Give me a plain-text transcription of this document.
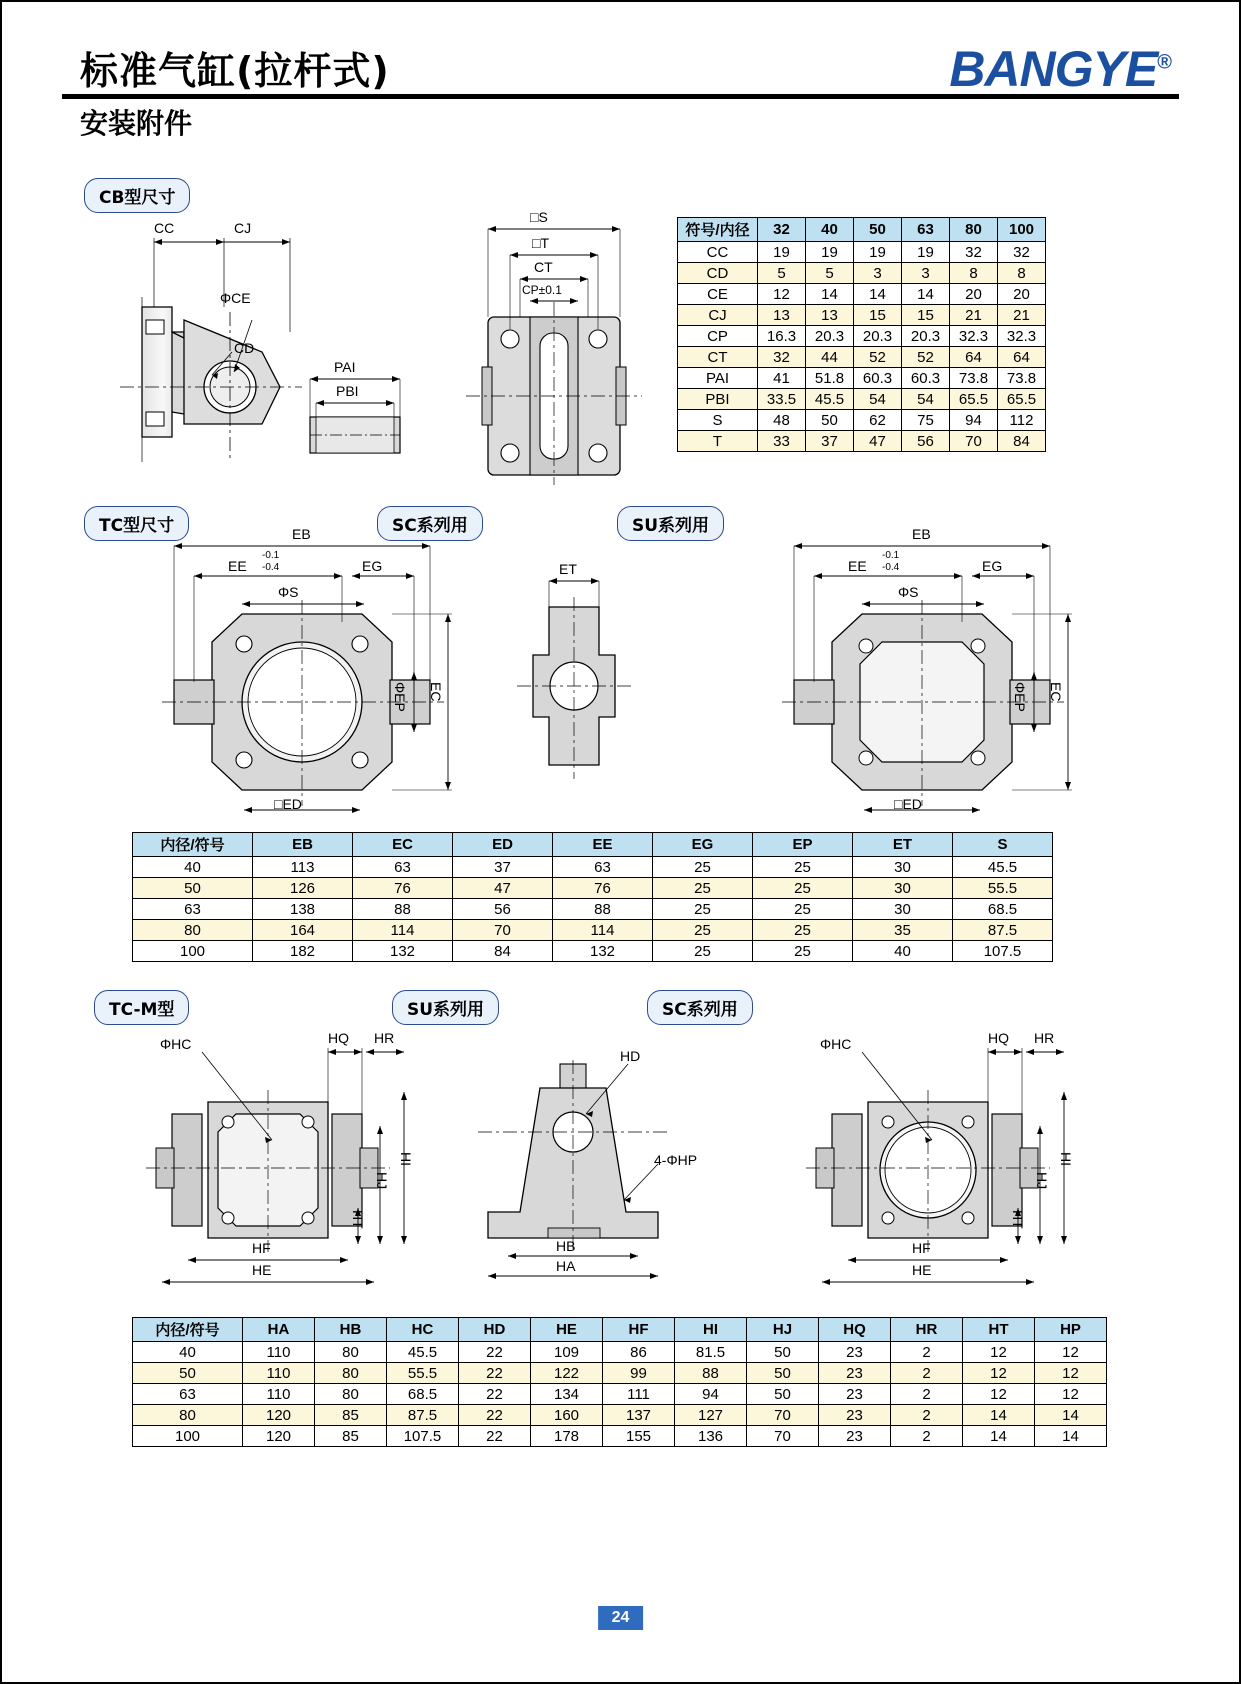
标准气缸(拉杆式)
安装附件
BANGYE®
CB型尺寸
CC	CJ
ΦCE
CD
PAI
PBI
□S
□T
CT
CP±0.1
符号/内径	32	40	50	63	80	100
CC	19	19	19	19	32	32
CD	5	5	3	3	8	8
CE	12	14	14	14	20	20
CJ	13	13	15	15	21	21
CP	16.3	20.3	20.3	20.3	32.3	32.3
CT	32	44	52	52	64	64
PAI	41	51.8	60.3	60.3	73.8	73.8
PBI	33.5	45.5	54	54	65.5	65.5
S	48	50	62	75	94	112
T	33	37	47	56	70	84
TC型尺寸	SC系列用	SU系列用
EB
EE
-0.1
-0.4	EG
ΦS
ΦEP EC
□ED
ET
EB
EE
-0.1
-0.4	EG
ΦS
ΦEP EC
□ED
内径/符号	EB	EC	ED	EE	EG	EP	ET	S
40	113	63	37	63	25	25	30	45.5
50	126	76	47	76	25	25	30	55.5
63	138	88	56	88	25	25	30	68.5
80	164	114	70	114	25	25	35	87.5
100	182	132	84	132	25	25	40	107.5
TC-M型	SU系列用	SC系列用
ΦHC	HQ HR
HI
HJ
HT
HF
HE
HD
4-ΦHP
HB
HA
ΦHC	HQ HR
HI
HJ
HT
HF
HE
内径/符号	HA	HB	HC	HD	HE	HF	HI	HJ	HQ	HR	HT	HP
40	110	80	45.5	22	109	86	81.5	50	23	2	12	12
50	110	80	55.5	22	122	99	88	50	23	2	12	12
63	110	80	68.5	22	134	111	94	50	23	2	12	12
80	120	85	87.5	22	160	137	127	70	23	2	14	14
100	120	85	107.5	22	178	155	136	70	23	2	14	14
24
